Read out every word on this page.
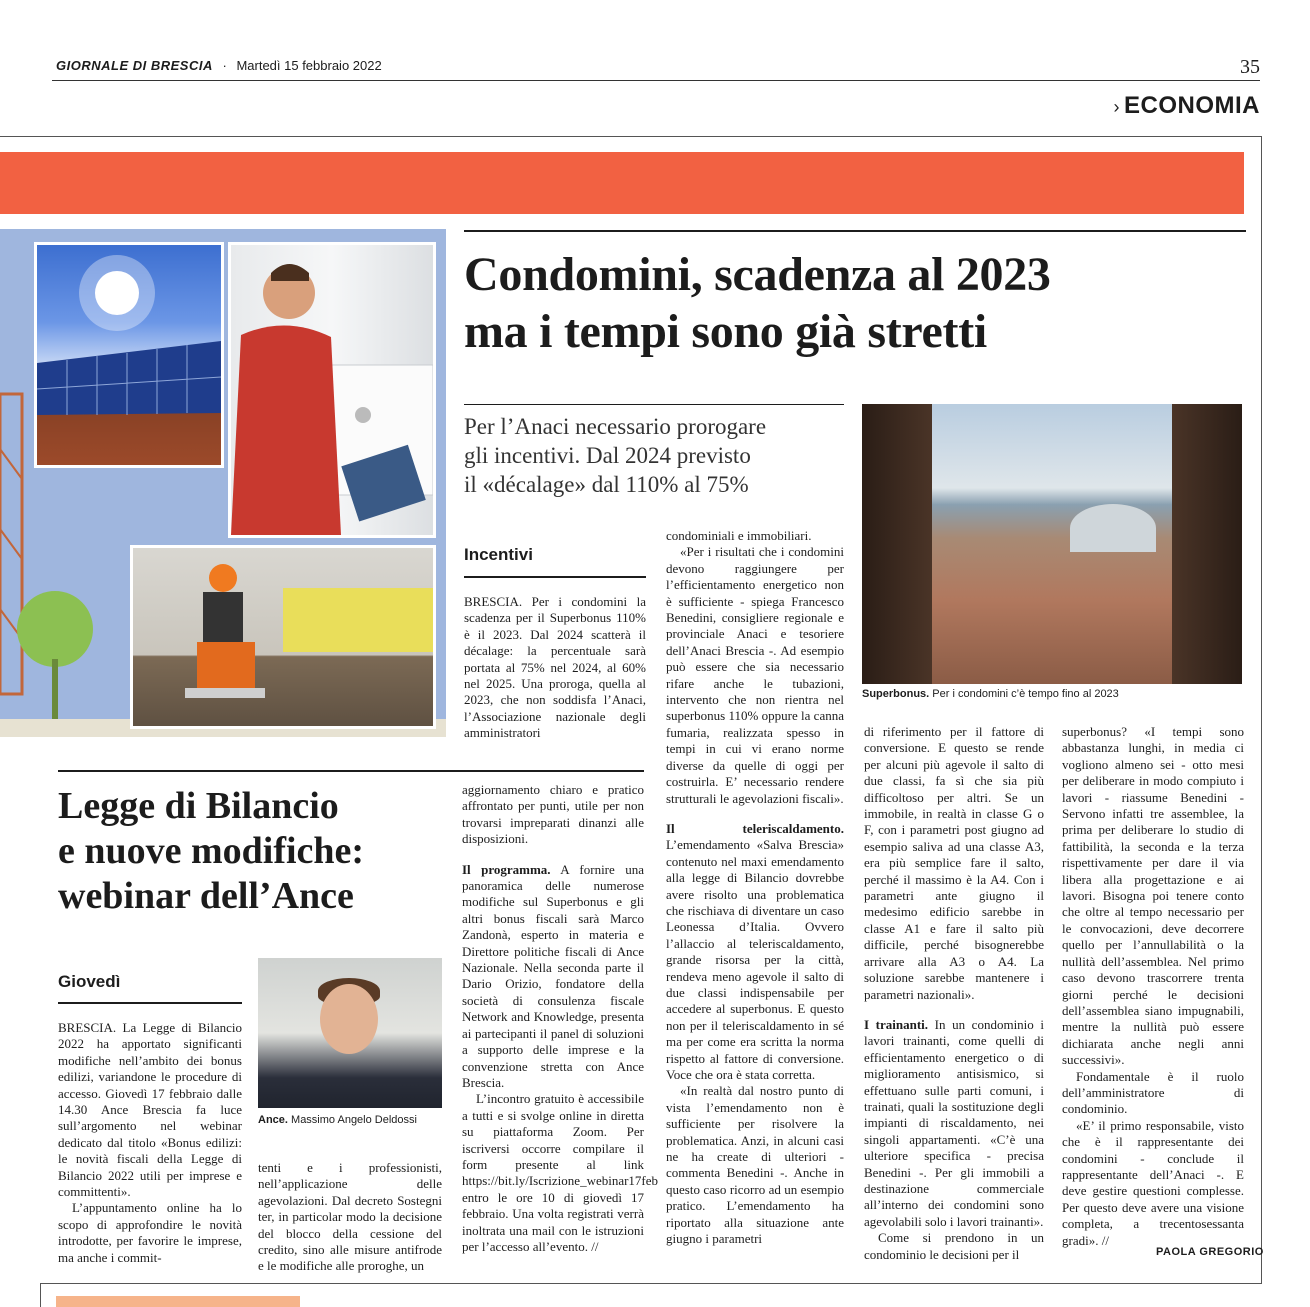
GIORNALE DI BRESCIA · Martedì 15 febbraio 2022	35
› ECONOMIA
Condomini, scadenza al 2023
ma i tempi sono già stretti
Per l’Anaci necessario prorogare
gli incentivi. Dal 2024 previsto
il «décalage» dal 110% al 75%
Superbonus. Per i condomini c’è tempo fino al 2023
Incentivi

BRESCIA. Per i condomini la scadenza per il Superbonus 110% è il 2023. Dal 2024 scatterà il décalage: la percentuale sarà portata al 75% nel 2024, al 60% nel 2025. Una proroga, quella al 2023, che non soddisfa l’Anaci, l’Associazione nazionale degli amministratori

condominiali e immobiliari.

«Per i risultati che i condomini devono raggiungere per l’efficientamento energetico non è sufficiente - spiega Francesco Benedini, consigliere regionale e provinciale Anaci e tesoriere dell’Anaci Brescia -. Ad esempio può essere che sia necessario rifare anche le tubazioni, intervento che non rientra nel superbonus 110% oppure la canna fumaria, realizzata spesso in tempi in cui vi erano norme diverse da quelle di oggi per costruirla. E’ necessario rendere strutturali le agevolazioni fiscali».

Il teleriscaldamento. L’emendamento «Salva Brescia» contenuto nel maxi emendamento alla legge di Bilancio dovrebbe avere risolto una problematica che rischiava di diventare un caso Leonessa d’Italia. Ovvero l’allaccio al teleriscaldamento, grande risorsa per la città, rendeva meno agevole il salto di due classi indispensabile per accedere al superbonus. E questo non per il teleriscaldamento in sé ma per come era scritta la norma rispetto al fattore di conversione. Voce che ora è stata corretta.

«In realtà dal nostro punto di vista l’emendamento non è sufficiente per risolvere la problematica. Anzi, in alcuni casi ne ha create di ulteriori - commenta Benedini -. Anche in questo caso ricorro ad un esempio pratico. L’emendamento ha riportato alla situazione ante giugno i parametri

di riferimento per il fattore di conversione. E questo se rende per alcuni più agevole il salto di due classi, fa sì che sia più difficoltoso per altri. Se un immobile, in realtà in classe G o F, con i parametri post giugno ad esempio saliva ad una classe A3, era più semplice fare il salto, perché il massimo è la A4. Con i parametri ante giugno il medesimo edificio sarebbe in classe A1 e fare il salto più difficile, perché bisognerebbe arrivare alla A3 o A4. La soluzione sarebbe mantenere i parametri nazionali».

I trainanti. In un condominio i lavori trainanti, come quelli di efficientamento energetico o di miglioramento antisismico, si effettuano sulle parti comuni, i trainati, quali la sostituzione degli impianti di riscaldamento, nei singoli appartamenti. «C’è una ulteriore specifica - precisa Benedini -. Per gli immobili a destinazione commerciale all’interno dei condomini sono agevolabili solo i lavori trainanti».

Come si prendono in un condominio le decisioni per il

superbonus? «I tempi sono abbastanza lunghi, in media ci vogliono almeno sei - otto mesi per deliberare in modo compiuto i lavori - riassume Benedini - Servono infatti tre assemblee, la prima per deliberare lo studio di fattibilità, la seconda e la terza rispettivamente per dare il via libera alla progettazione e ai lavori. Bisogna poi tenere conto che oltre al tempo necessario per le convocazioni, deve decorrere quello per l’annullabilità o la nullità dell’assemblea. Nel primo caso devono trascorrere trenta giorni perché le decisioni dell’assemblea siano impugnabili, mentre la nullità può essere dichiarata anche negli anni successivi».

Fondamentale è il ruolo dell’amministratore di condominio.

«E’ il primo responsabile, visto che è il rappresentante dei condomini - conclude il rappresentante dell’Anaci -. E deve gestire questioni complesse. Per questo deve avere una visione completa, a trecentosessanta gradi». //

PAOLA GREGORIO
Legge di Bilancio
e nuove modifiche:
webinar dell’Ance
Giovedì

BRESCIA. La Legge di Bilancio 2022 ha apportato significanti modifiche nell’ambito dei bonus edilizi, variandone le procedure di accesso. Giovedì 17 febbraio dalle 14.30 Ance Brescia fa luce sull’argomento nel webinar dedicato dal titolo «Bonus edilizi: le novità fiscali della Legge di Bilancio 2022 utili per imprese e committenti».

L’appuntamento online ha lo scopo di approfondire le novità introdotte, per favorire le imprese, ma anche i commit-

Ance. Massimo Angelo Deldossi

tenti e i professionisti, nell’applicazione delle agevolazioni. Dal decreto Sostegni ter, in particolar modo la decisione del blocco della cessione del credito, sino alle misure antifrode e le modifiche alle proroghe, un

aggiornamento chiaro e pratico affrontato per punti, utile per non trovarsi impreparati dinanzi alle disposizioni.

Il programma. A fornire una panoramica delle numerose modifiche sul Superbonus e gli altri bonus fiscali sarà Marco Zandonà, esperto in materia e Direttore politiche fiscali di Ance Nazionale. Nella seconda parte il Dario Orizio, fondatore della società di consulenza fiscale Network and Knowledge, presenta ai partecipanti il panel di soluzioni a supporto delle imprese e la convenzione stretta con Ance Brescia.

L’incontro gratuito è accessibile a tutti e si svolge online in diretta su piattaforma Zoom. Per iscriversi occorre compilare il form presente al link https://bit.ly/Iscrizione_webinar17feb entro le ore 10 di giovedì 17 febbraio. Una volta registrati verrà inoltrata una mail con le istruzioni per l’accesso all’evento. //
